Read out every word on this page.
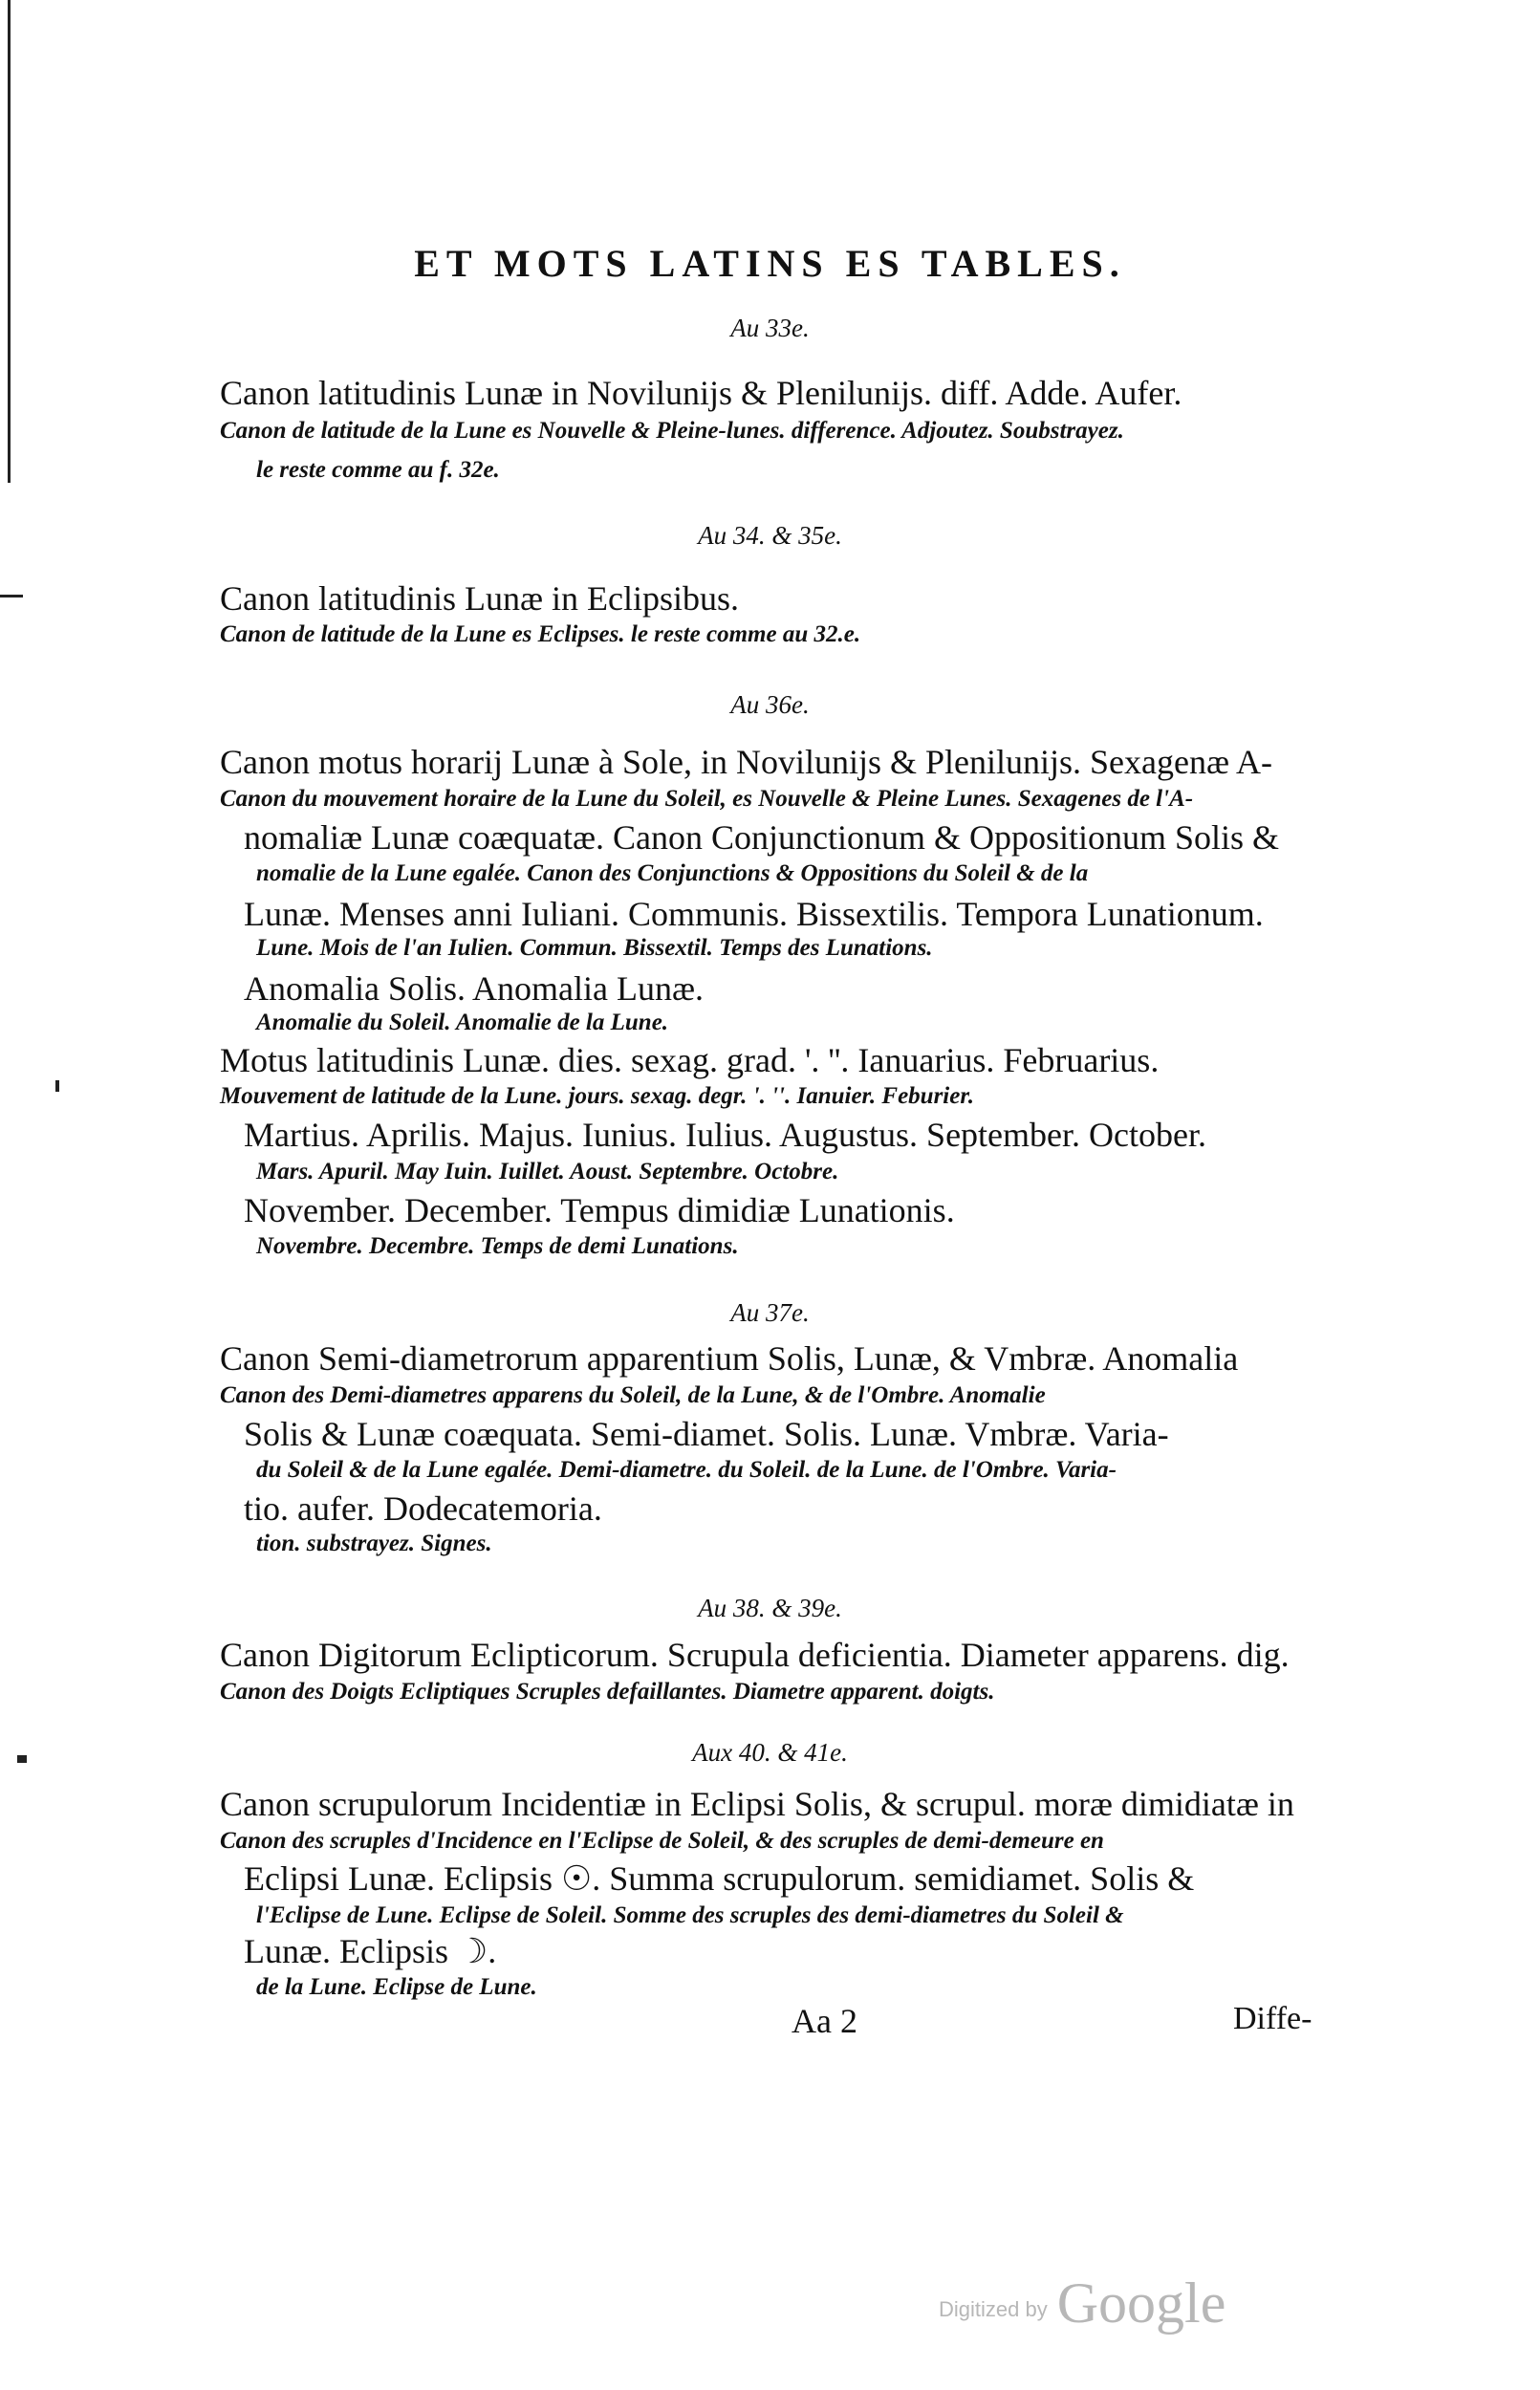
ET MOTS LATINS ES TABLES.
Au 33e.
Canon latitudinis Lunæ in Novilunijs & Plenilunijs. diff. Adde. Aufer.
Canon de latitude de la Lune es Nouvelle & Pleine-lunes. difference. Adjoutez. Soubstrayez.
le reste comme au f. 32e.
Au 34. & 35e.
Canon latitudinis Lunæ in Eclipsibus.
Canon de latitude de la Lune es Eclipses. le reste comme au 32.e.
Au 36e.
Canon motus horarij Lunæ à Sole, in Novilunijs & Plenilunijs. Sexagenæ A-
Canon du mouvement horaire de la Lune du Soleil, es Nouvelle & Pleine Lunes. Sexagenes de l'A-
nomaliæ Lunæ coæquatæ. Canon Conjunctionum & Oppositionum Solis &
nomalie de la Lune egalée. Canon des Conjunctions & Oppositions du Soleil & de la
Lunæ. Menses anni Iuliani. Communis. Bissextilis. Tempora Lunationum.
Lune. Mois de l'an Iulien. Commun. Bissextil. Temps des Lunations.
Anomalia Solis. Anomalia Lunæ.
Anomalie du Soleil. Anomalie de la Lune.
Motus latitudinis Lunæ. dies. sexag. grad. '. ''. Ianuarius. Februarius.
Mouvement de latitude de la Lune. jours. sexag. degr. '. ''. Ianuier. Feburier.
Martius. Aprilis. Majus. Iunius. Iulius. Augustus. September. October.
Mars. Apuril. May Iuin. Iuillet. Aoust. Septembre. Octobre.
November. December. Tempus dimidiæ Lunationis.
Novembre. Decembre. Temps de demi Lunations.
Au 37e.
Canon Semi-diametrorum apparentium Solis, Lunæ, & Vmbræ. Anomalia
Canon des Demi-diametres apparens du Soleil, de la Lune, & de l'Ombre. Anomalie
Solis & Lunæ coæquata. Semi-diamet. Solis. Lunæ. Vmbræ. Varia-
du Soleil & de la Lune egalée. Demi-diametre. du Soleil. de la Lune. de l'Ombre. Varia-
tio. aufer. Dodecatemoria.
tion. substrayez. Signes.
Au 38. & 39e.
Canon Digitorum Eclipticorum. Scrupula deficientia. Diameter apparens. dig.
Canon des Doigts Ecliptiques Scruples defaillantes. Diametre apparent. doigts.
Aux 40. & 41e.
Canon scrupulorum Incidentiæ in Eclipsi Solis, & scrupul. moræ dimidiatæ in
Canon des scruples d'Incidence en l'Eclipse de Soleil, & des scruples de demi-demeure en
Eclipsi Lunæ. Eclipsis ☉. Summa scrupulorum. semidiamet. Solis &
l'Eclipse de Lune. Eclipse de Soleil. Somme des scruples des demi-diametres du Soleil &
Lunæ. Eclipsis ☽.
de la Lune. Eclipse de Lune.
Aa 2	Diffe-
Digitized by Google
